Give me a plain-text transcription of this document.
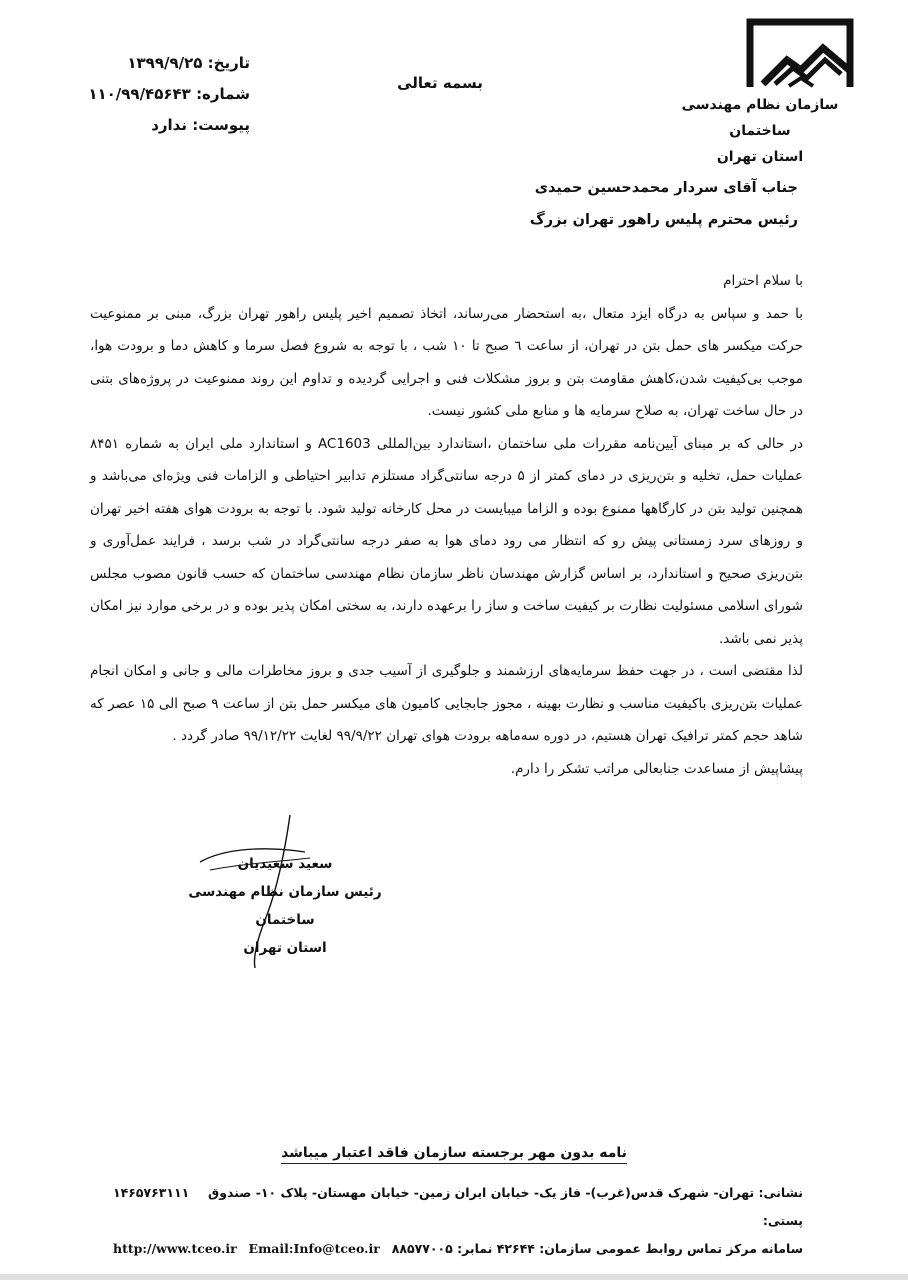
سازمان نظام مهندسی ساختمان
استان تهران
بسمه تعالی
تاریخ: ۱۳۹۹/۹/۲۵
شماره: ۱۱۰/۹۹/۴۵۶۴۳
پیوست: ندارد
جناب آقای سردار محمدحسین حمیدی
رئیس محترم پلیس راهور تهران بزرگ

با سلام احترام

با حمد و سپاس به درگاه ایزد متعال ،به استحضار می‌رساند، اتخاذ تصمیم اخیر پلیس راهور تهران بزرگ، مبنی بر ممنوعیت حرکت میکسر های حمل بتن در تهران، از ساعت ٦ صبح تا ۱۰ شب ، با توجه به شروع فصل سرما و کاهش دما و برودت هوا، موجب بی‌کیفیت شدن،کاهش مقاومت بتن و بروز مشکلات فنی و اجرایی گردیده و تداوم این روند ممنوعیت در پروژه‌های بتنی در حال ساخت تهران، به صلاح سرمایه ها و منابع ملی کشور نیست.

در حالی که بر مبنای آیین‌نامه مقررات ملی ساختمان ،استاندارد بین‌المللی AC1603 و استاندارد ملی ایران به شماره ۸۴۵۱ عملیات حمل، تخلیه و بتن‌ریزی در دمای کمتر از ۵ درجه سانتی‌گراد مستلزم تدابیر احتیاطی و الزامات فنی ویژه‌ای می‌باشد و همچنین تولید بتن در کارگاهها ممنوع بوده و الزاما میبایست در محل کارخانه تولید شود. با توجه به برودت هوای هفته اخیر تهران و روزهای سرد زمستانی پیش رو که انتظار می رود دمای هوا به صفر درجه سانتی‌گراد در شب برسد ، فرایند عمل‌آوری و بتن‌ریزی صحیح و استاندارد، بر اساس گزارش مهندسان ناظر سازمان نظام مهندسی ساختمان که حسب قانون مصوب مجلس شورای اسلامی مسئولیت نظارت بر کیفیت ساخت و ساز را برعهده دارند، به سختی امکان پذیر بوده و در برخی موارد نیز امکان پذیر نمی باشد.

لذا مقتضی است ، در جهت حفظ سرمایه‌های ارزشمند و جلوگیری از آسیب جدی و بروز مخاطرات مالی و جانی و امکان انجام عملیات بتن‌ریزی باکیفیت مناسب و نظارت بهینه ، مجوز جابجایی کامیون های میکسر حمل بتن از ساعت ۹ صبح الی ۱۵ عصر که شاهد حجم کمتر ترافیک تهران هستیم، در دوره سه‌ماهه برودت هوای تهران ۹۹/۹/۲۲ لغایت ۹۹/۱۲/۲۲ صادر گردد .

پیشاپیش از مساعدت جنابعالی مراتب تشکر را دارم.

سعید سعیدیان
رئیس سازمان نظام مهندسی ساختمان
استان تهران
نامه بدون مهر برجسته سازمان فاقد اعتبار میباشد
نشانی: تهران- شهرک قدس(غرب)- فاز یک- خیابان ایران زمین- خیابان مهستان- پلاک ۱۰- صندوق پستی:
۱۴۶۵۷۶۳۱۱۱
سامانه مرکز تماس روابط عمومی سازمان: ۴۲۶۴۴ نمابر: ۸۸۵۷۷۰۰۵
Email:Info@tceo.ir
http://www.tceo.ir
